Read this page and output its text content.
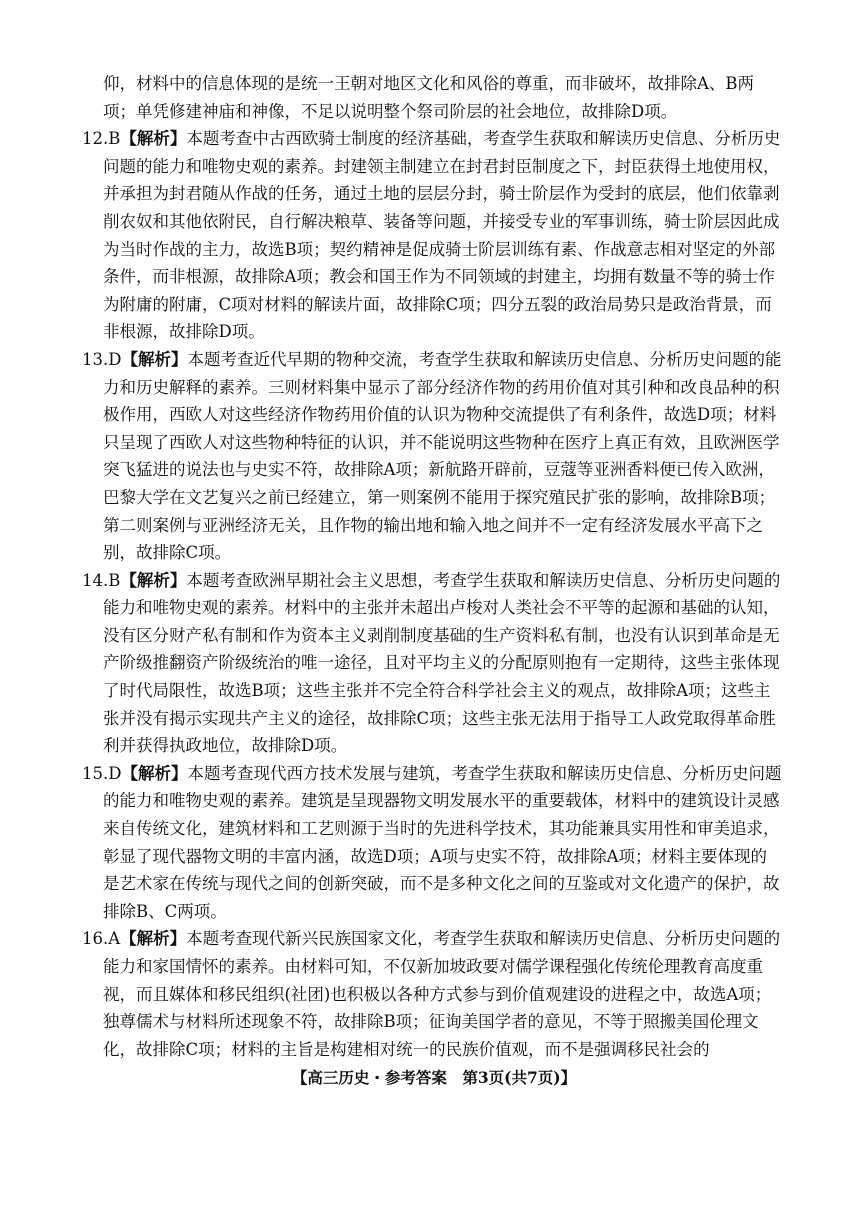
仰，材料中的信息体现的是统一王朝对地区文化和风俗的尊重，而非破坏，故排除A、B两
项；单凭修建神庙和神像，不足以说明整个祭司阶层的社会地位，故排除D项。
12.B【解析】本题考查中古西欧骑士制度的经济基础，考查学生获取和解读历史信息、分析历史
问题的能力和唯物史观的素养。封建领主制建立在封君封臣制度之下，封臣获得土地使用权，
并承担为封君随从作战的任务，通过土地的层层分封，骑士阶层作为受封的底层，他们依靠剥
削农奴和其他依附民，自行解决粮草、装备等问题，并接受专业的军事训练，骑士阶层因此成
为当时作战的主力，故选B项；契约精神是促成骑士阶层训练有素、作战意志相对坚定的外部
条件，而非根源，故排除A项；教会和国王作为不同领域的封建主，均拥有数量不等的骑士作
为附庸的附庸，C项对材料的解读片面，故排除C项；四分五裂的政治局势只是政治背景，而
非根源，故排除D项。
13.D【解析】本题考查近代早期的物种交流，考查学生获取和解读历史信息、分析历史问题的能
力和历史解释的素养。三则材料集中显示了部分经济作物的药用价值对其引种和改良品种的积
极作用，西欧人对这些经济作物药用价值的认识为物种交流提供了有利条件，故选D项；材料
只呈现了西欧人对这些物种特征的认识，并不能说明这些物种在医疗上真正有效，且欧洲医学
突飞猛进的说法也与史实不符，故排除A项；新航路开辟前，豆蔻等亚洲香料便已传入欧洲，
巴黎大学在文艺复兴之前已经建立，第一则案例不能用于探究殖民扩张的影响，故排除B项；
第二则案例与亚洲经济无关，且作物的输出地和输入地之间并不一定有经济发展水平高下之
别，故排除C项。
14.B【解析】本题考查欧洲早期社会主义思想，考查学生获取和解读历史信息、分析历史问题的
能力和唯物史观的素养。材料中的主张并未超出卢梭对人类社会不平等的起源和基础的认知，
没有区分财产私有制和作为资本主义剥削制度基础的生产资料私有制，也没有认识到革命是无
产阶级推翻资产阶级统治的唯一途径，且对平均主义的分配原则抱有一定期待，这些主张体现
了时代局限性，故选B项；这些主张并不完全符合科学社会主义的观点，故排除A项；这些主
张并没有揭示实现共产主义的途径，故排除C项；这些主张无法用于指导工人政党取得革命胜
利并获得执政地位，故排除D项。
15.D【解析】本题考查现代西方技术发展与建筑，考查学生获取和解读历史信息、分析历史问题
的能力和唯物史观的素养。建筑是呈现器物文明发展水平的重要载体，材料中的建筑设计灵感
来自传统文化，建筑材料和工艺则源于当时的先进科学技术，其功能兼具实用性和审美追求，
彰显了现代器物文明的丰富内涵，故选D项；A项与史实不符，故排除A项；材料主要体现的
是艺术家在传统与现代之间的创新突破，而不是多种文化之间的互鉴或对文化遗产的保护，故
排除B、C两项。
16.A【解析】本题考查现代新兴民族国家文化，考查学生获取和解读历史信息、分析历史问题的
能力和家国情怀的素养。由材料可知，不仅新加坡政要对儒学课程强化传统伦理教育高度重
视，而且媒体和移民组织(社团)也积极以各种方式参与到价值观建设的进程之中，故选A项；
独尊儒术与材料所述现象不符，故排除B项；征询美国学者的意见，不等于照搬美国伦理文
化，故排除C项；材料的主旨是构建相对统一的民族价值观，而不是强调移民社会的
【高三历史・参考答案　第3页(共7页)】
